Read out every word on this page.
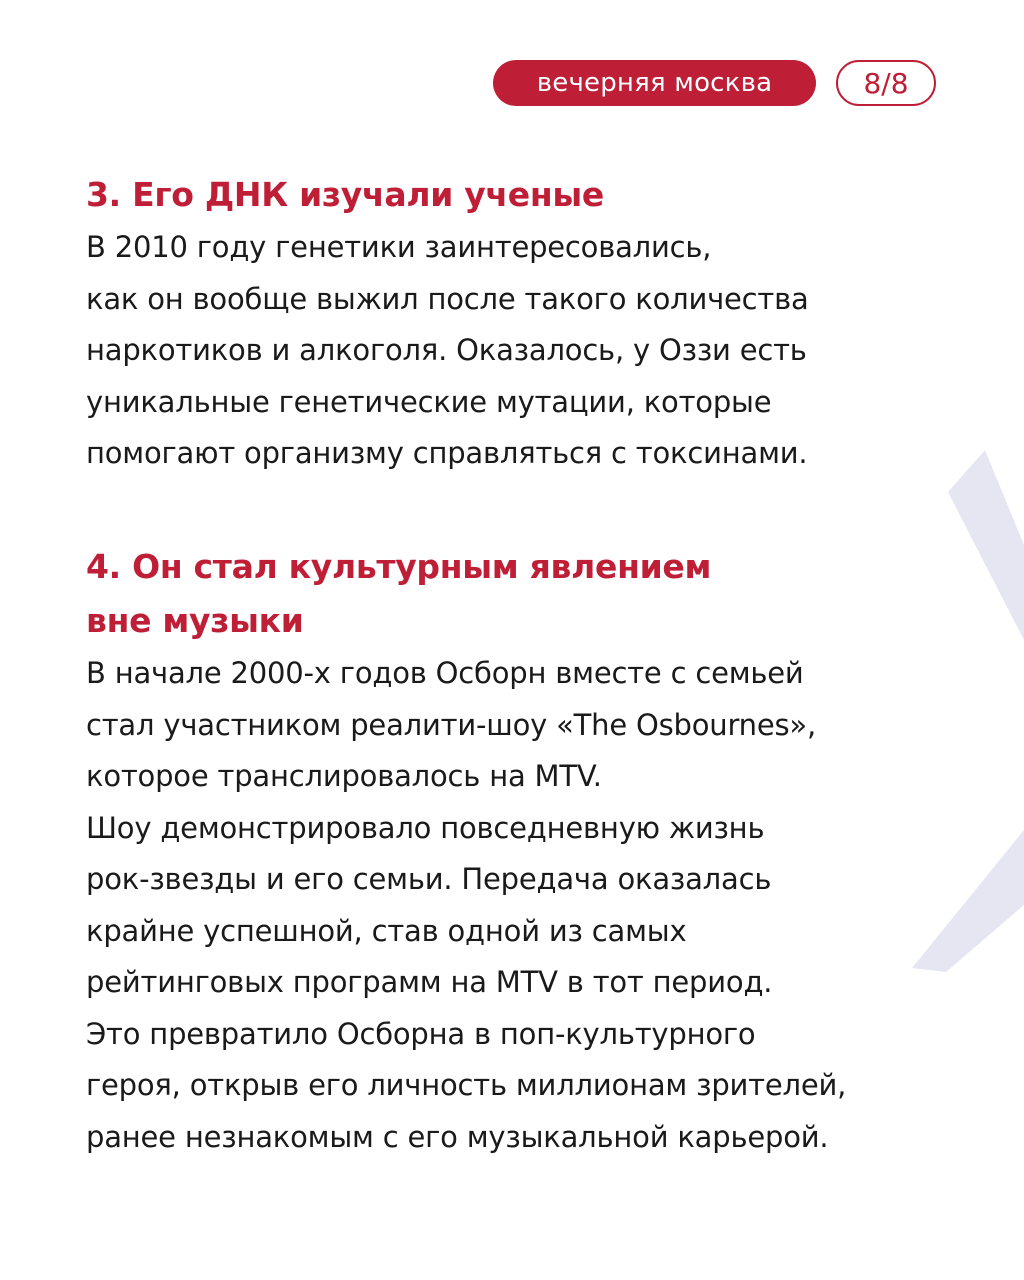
вечерняя москва	8/8
3. Его ДНК изучали ученые

В 2010 году генетики заинтересовались,
как он вообще выжил после такого количества
наркотиков и алкоголя. Оказалось, у Оззи есть
уникальные генетические мутации, которые
помогают организму справляться с токсинами.

4. Он стал культурным явлением
вне музыки

В начале 2000-х годов Осборн вместе с семьей
стал участником реалити-шоу «The Osbournes»,
которое транслировалось на MTV.
Шоу демонстрировало повседневную жизнь
рок-звезды и его семьи. Передача оказалась
крайне успешной, став одной из самых
рейтинговых программ на MTV в тот период.
Это превратило Осборна в поп-культурного
героя, открыв его личность миллионам зрителей,
ранее незнакомым с его музыкальной карьерой.
